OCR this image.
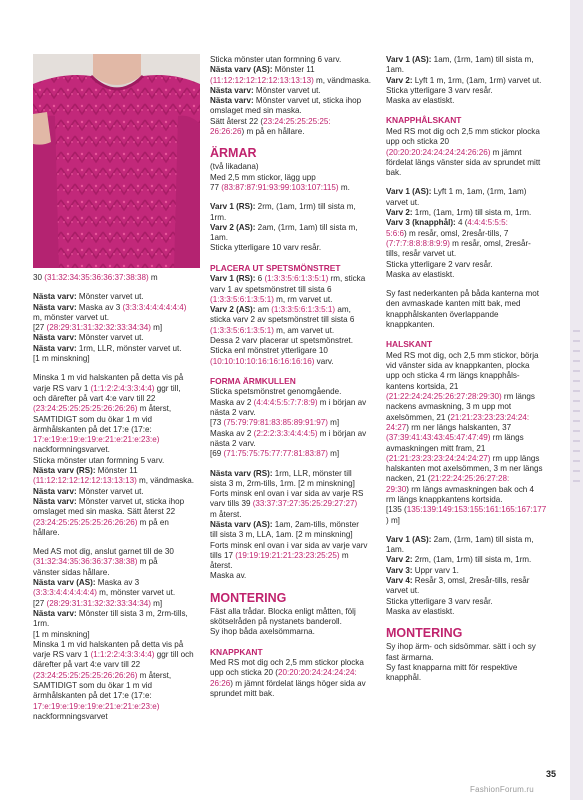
30 (31:32:34:35:36:36:37:38:38) m
Nästa varv: Mönster varvet ut.
Nästa varv: Maska av 3 (3:3:3:4:4:4:4:4:4)
m, mönster varvet ut.
[27 (28:29:31:31:32:32:33:34:34) m]
Nästa varv: Mönster varvet ut.
Nästa varv: 1rm, LLR, mönster varvet ut.
[1 m minskning]
Minska 1 m vid halskanten på detta vis på
varje RS varv 1 (1:1:2:2:4:3:3:4:4) ggr till,
och därefter på vart 4:e varv till 22
(23:24:25:25:25:25:26:26:26) m återst,
SAMTIDIGT som du ökar 1 m vid
ärmhålskanten på det 17:e (17:e:
17:e:19:e:19:e:19:e:21:e:21:e:23:e)
nackformningsvarvet.
Sticka mönster utan formning 5 varv.
Nästa varv (RS): Mönster 11
(11:12:12:12:12:12:13:13:13) m, vändmaska.
Nästa varv: Mönster varvet ut.
Nästa varv: Mönster varvet ut, sticka ihop
omslaget med sin maska. Sätt återst 22
(23:24:25:25:25:25:26:26:26) m på en
hållare.
Med AS mot dig, anslut garnet till de 30
(31:32:34:35:36:36:37:38:38) m på
vänster sidas hållare.
Nästa varv (AS): Maska av 3
(3:3:3:4:4:4:4:4:4) m, mönster varvet ut.
[27 (28:29:31:31:32:32:33:34:34) m]
Nästa varv: Mönster till sista 3 m, 2rm-tills,
1rm.
[1 m minskning]
Minska 1 m vid halskanten på detta vis på
varje RS varv 1 (1:1:2:2:4:3:3:4:4) ggr till och
därefter på vart 4:e varv till 22
(23:24:25:25:25:25:26:26:26) m återst,
SAMTIDIGT som du ökar 1 m vid
ärmhålskanten på det 17:e (17:e:
17:e:19:e:19:e:19:e:21:e:21:e:23:e)
nackformningsvarvet
Sticka mönster utan formning 6 varv.
Nästa varv (AS): Mönster 11
(11:12:12:12:12:12:13:13:13) m, vändmaska.
Nästa varv: Mönster varvet ut.
Nästa varv: Mönster varvet ut, sticka ihop
omslaget med sin maska.
Sätt återst 22 (23:24:25:25:25:25:
26:26:26) m på en hållare.
ÄRMAR
(två likadana)
Med 2,5 mm stickor, lägg upp
77 (83:87:87:91:93:99:103:107:115) m.
Varv 1 (RS): 2rm, (1am, 1rm) till sista m,
1rm.
Varv 2 (AS): 2am, (1rm, 1am) till sista m,
1am.
Sticka ytterligare 10 varv resår.
PLACERA UT SPETSMÖNSTRET
Varv 1 (RS): 6 (1:3:3:5:6:1:3:5:1) rm, sticka
varv 1 av spetsmönstret till sista 6
(1:3:3:5:6:1:3:5:1) m, rm varvet ut.
Varv 2 (AS): am (1:3:3:5:6:1:3:5:1) am,
sticka varv 2 av spetsmönstret till sista 6
(1:3:3:5:6:1:3:5:1) m, am varvet ut.
Dessa 2 varv placerar ut spetsmönstret.
Sticka enl mönstret ytterligare 10
(10:10:10:10:16:16:16:16:16) varv.
FORMA ÄRMKULLEN
Sticka spetsmönstret genomgående.
Maska av 2 (4:4:4:5:5:7:7:8:9) m i början av
nästa 2 varv.
[73 (75:79:79:81:83:85:89:91:97) m]
Maska av 2 (2:2:2:3:3:4:4:4:5) m i början av
nästa 2 varv.
[69 (71:75:75:75:77:77:81:83:87) m]
Nästa varv (RS): 1rm, LLR, mönster till
sista 3 m, 2rm-tills, 1rm. [2 m minskning]
Forts minsk enl ovan i var sida av varje RS
varv tills 39 (33:37:37:27:35:25:29:27:27)
m återst.
Nästa varv (AS): 1am, 2am-tills, mönster
till sista 3 m, LLA, 1am. [2 m minskning]
Forts minsk enl ovan i var sida av varje varv
tills 17 (19:19:19:21:21:23:23:25:25) m
återst.
Maska av.
MONTERING
Fäst alla trådar. Blocka enligt måtten, följ
skötselråden på nystanets banderoll.
Sy ihop båda axelsömmarna.
KNAPPKANT
Med RS mot dig och 2,5 mm stickor plocka
upp och sticka 20 (20:20:20:24:24:24:24:
26:26) m jämnt fördelat längs höger sida av
sprundet mitt bak.
Varv 1 (AS): 1am, (1rm, 1am) till sista m,
1am.
Varv 2: Lyft 1 m, 1rm, (1am, 1rm) varvet ut.
Sticka ytterligare 3 varv resår.
Maska av elastiskt.
KNAPPHÅLSKANT
Med RS mot dig och 2,5 mm stickor plocka
upp och sticka 20
(20:20:20:24:24:24:24:26:26) m jämnt
fördelat längs vänster sida av sprundet mitt
bak.
Varv 1 (AS): Lyft 1 m, 1am, (1rm, 1am)
varvet ut.
Varv 2: 1rm, (1am, 1rm) till sista m, 1rm.
Varv 3 (knapphål): 4 (4:4:4:5:5:5:
5:6:6) m resår, omsl, 2resår-tills, 7
(7:7:7:8:8:8:8:9:9) m resår, omsl, 2resår-
tills, resår varvet ut.
Sticka ytterligare 2 varv resår.
Maska av elastiskt.
Sy fast nederkanten på båda kanterna mot
den avmaskade kanten mitt bak, med
knapphålskanten överlappande
knappkanten.
HALSKANT
Med RS mot dig, och 2,5 mm stickor, börja
vid vänster sida av knappkanten, plocka
upp och sticka 4 rm längs knapphåls-
kantens kortsida, 21
(21:22:24:24:25:26:27:28:29:30) rm längs
nackens avmaskning, 3 m upp mot
axelsömmen, 21 (21:21:23:23:23:24:24:
24:27) rm ner längs halskanten, 37
(37:39:41:43:43:45:47:47:49) rm längs
avmaskningen mitt fram, 21
(21:21:23:23:23:24:24:24:27) rm upp längs
halskanten mot axelsömmen, 3 m ner längs
nacken, 21 (21:22:24:25:26:27:28:
29:30) rm längs avmaskningen bak och 4
rm längs knappkantens kortsida.
[135 (135:139:149:153:155:161:165:167:177
) m]
Varv 1 (AS): 2am, (1rm, 1am) till sista m,
1am.
Varv 2: 2rm, (1am, 1rm) till sista m, 1rm.
Varv 3: Uppr varv 1.
Varv 4: Resår 3, omsl, 2resår-tills, resår
varvet ut.
Sticka ytterligare 3 varv resår.
Maska av elastiskt.
MONTERING
Sy ihop ärm- och sidsömmar. sätt i och sy
fast ärmarna.
Sy fast knapparna mitt för respektive
knapphål.
35
FashionForum.ru
